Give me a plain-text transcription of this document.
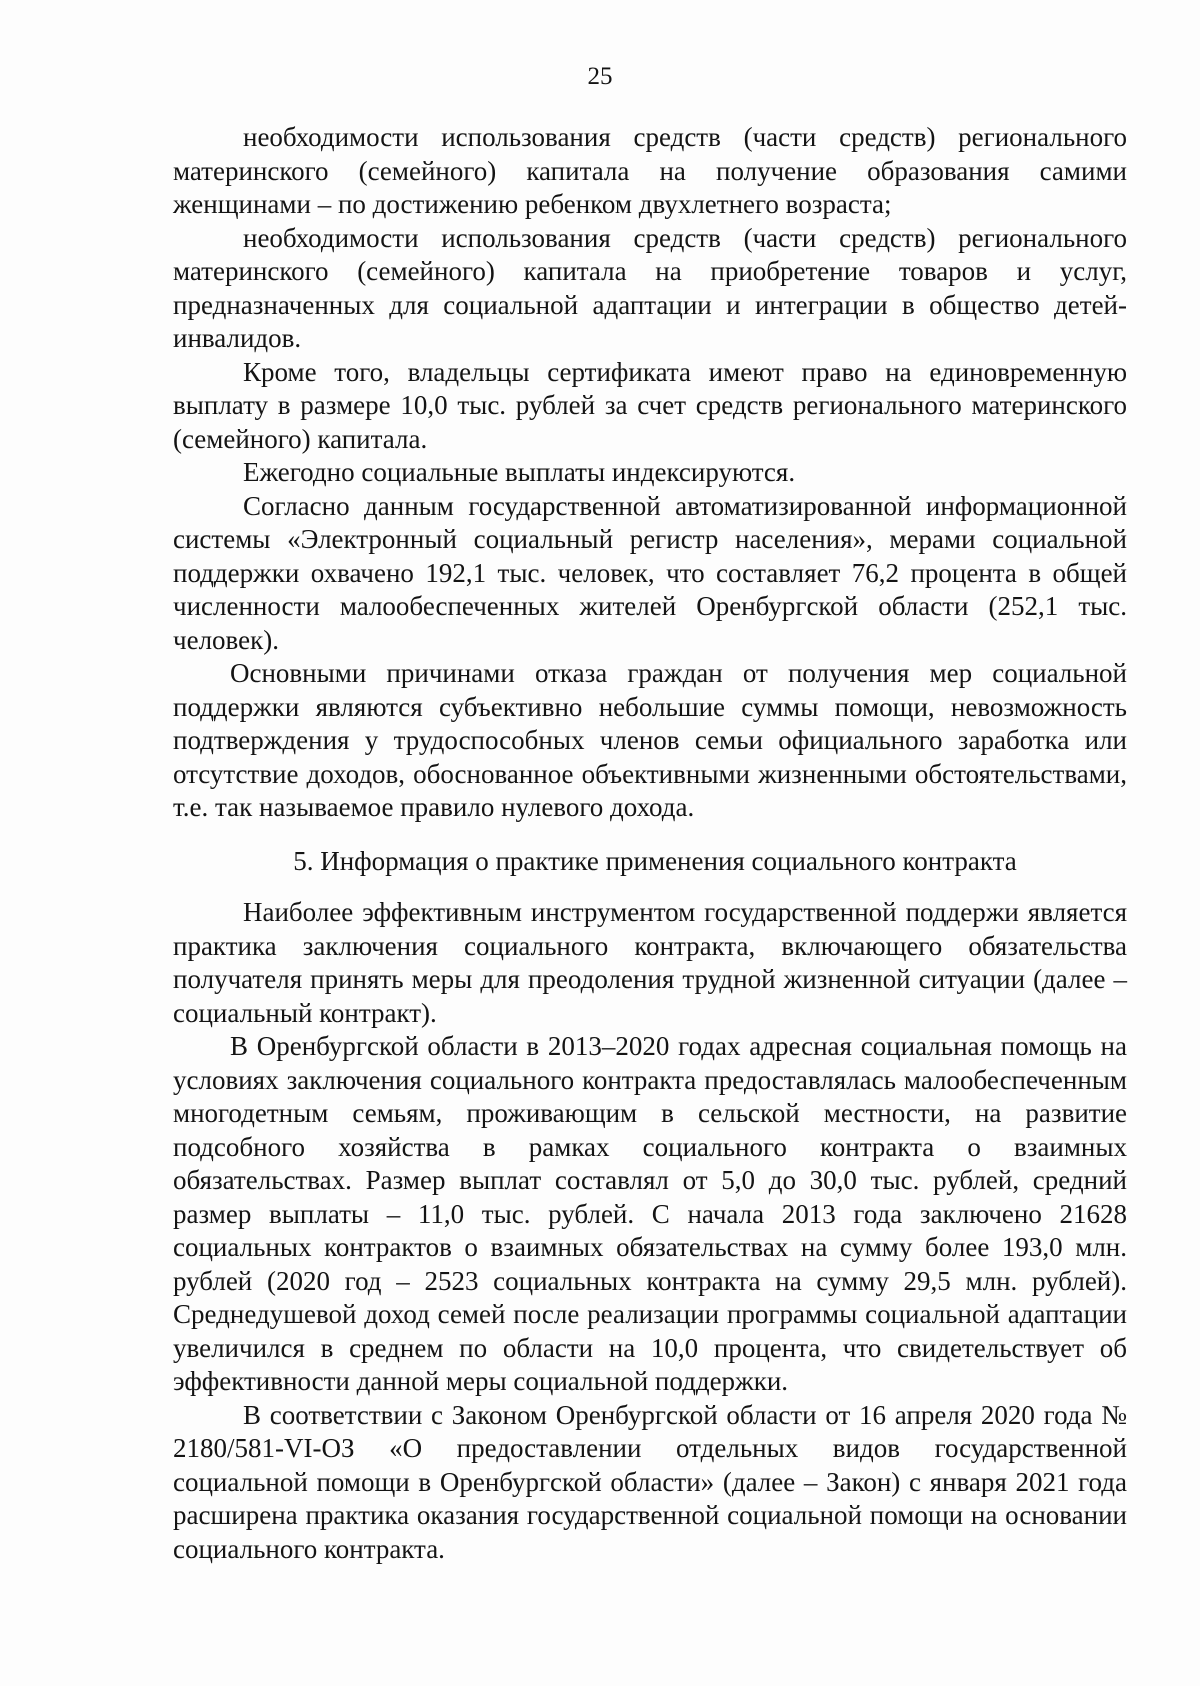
25

необходимости использования средств (части средств) регионального материнского (семейного) капитала на получение образования самими женщинами – по достижению ребенком двухлетнего возраста;

необходимости использования средств (части средств) регионального материнского (семейного) капитала на приобретение товаров и услуг, предназначенных для социальной адаптации и интеграции в общество детей-инвалидов.

Кроме того, владельцы сертификата имеют право на единовременную выплату в размере 10,0 тыс. рублей за счет средств регионального материнского (семейного) капитала.

Ежегодно социальные выплаты индексируются.

Согласно данным государственной автоматизированной информационной системы «Электронный социальный регистр населения», мерами социальной поддержки охвачено 192,1 тыс. человек, что составляет 76,2 процента в общей численности малообеспеченных жителей Оренбургской области (252,1 тыс. человек).

Основными причинами отказа граждан от получения мер социальной поддержки являются субъективно небольшие суммы помощи, невозможность подтверждения у трудоспособных членов семьи официального заработка или отсутствие доходов, обоснованное объективными жизненными обстоятельствами, т.е. так называемое правило нулевого дохода.

5. Информация о практике применения социального контракта

Наиболее эффективным инструментом государственной поддержи является практика заключения социального контракта, включающего обязательства получателя принять меры для преодоления трудной жизненной ситуации (далее – социальный контракт).

В Оренбургской области в 2013–2020 годах адресная социальная помощь на условиях заключения социального контракта предоставлялась малообеспеченным многодетным семьям, проживающим в сельской местности, на развитие подсобного хозяйства в рамках социального контракта о взаимных обязательствах. Размер выплат составлял от 5,0 до 30,0 тыс. рублей, средний размер выплаты – 11,0 тыс. рублей. С начала 2013 года заключено 21628 социальных контрактов о взаимных обязательствах на сумму более 193,0 млн. рублей (2020 год – 2523 социальных контракта на сумму 29,5 млн. рублей). Среднедушевой доход семей после реализации программы социальной адаптации увеличился в среднем по области на 10,0 процента, что свидетельствует об эффективности данной меры социальной поддержки.

В соответствии с Законом Оренбургской области от 16 апреля 2020 года № 2180/581-VI-ОЗ «О предоставлении отдельных видов государственной социальной помощи в Оренбургской области» (далее – Закон) с января 2021 года расширена практика оказания государственной социальной помощи на основании социального контракта.
